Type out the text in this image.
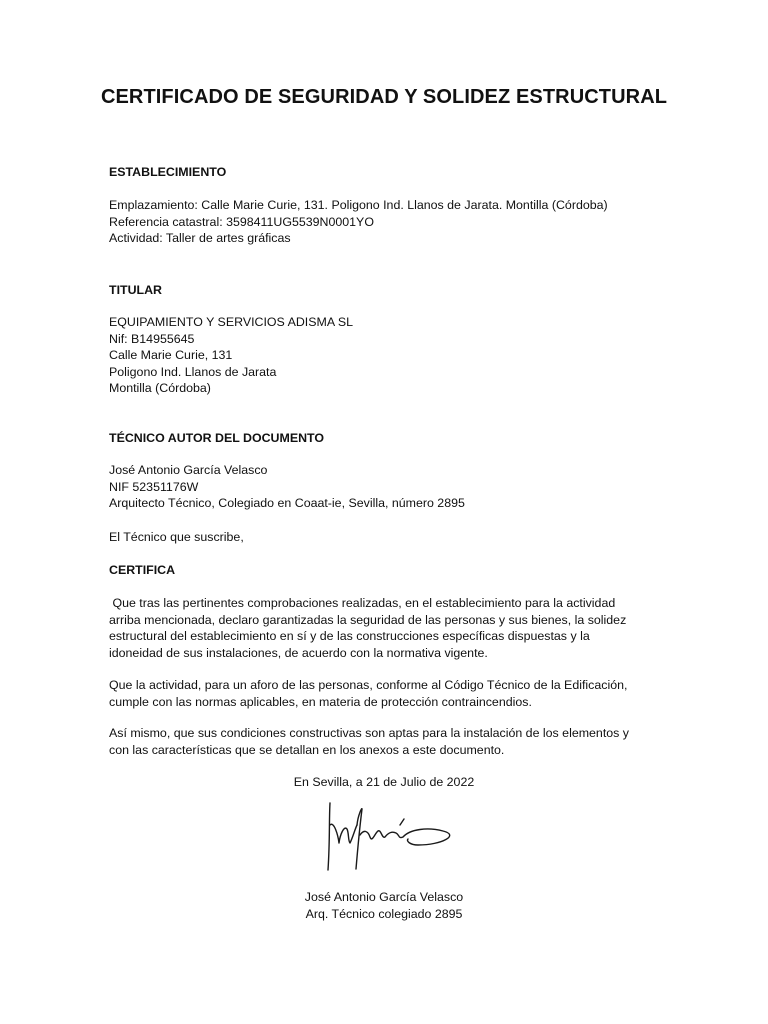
CERTIFICADO DE SEGURIDAD Y SOLIDEZ ESTRUCTURAL
ESTABLECIMIENTO
Emplazamiento: Calle Marie Curie, 131. Poligono Ind. Llanos de Jarata. Montilla (Córdoba)
Referencia catastral: 3598411UG5539N0001YO
Actividad: Taller de artes gráficas
TITULAR
EQUIPAMIENTO Y SERVICIOS ADISMA SL
Nif: B14955645
Calle Marie Curie, 131
Poligono Ind. Llanos de Jarata
Montilla (Córdoba)
TÉCNICO AUTOR DEL DOCUMENTO
José Antonio García Velasco
NIF 52351176W
Arquitecto Técnico, Colegiado en Coaat-ie, Sevilla, número 2895
El Técnico que suscribe,
CERTIFICA
Que tras las pertinentes comprobaciones realizadas, en el establecimiento para la actividad
arriba mencionada, declaro garantizadas la seguridad de las personas y sus bienes, la solidez
estructural del establecimiento en sí y de las construcciones específicas dispuestas y la
idoneidad de sus instalaciones, de acuerdo con la normativa vigente.
Que la actividad, para un aforo de las personas, conforme al Código Técnico de la Edificación,
cumple con las normas aplicables, en materia de protección contraincendios.
Así mismo, que sus condiciones constructivas son aptas para la instalación de los elementos y
con las características que se detallan en los anexos a este documento.
En Sevilla, a 21 de Julio de 2022
José Antonio García Velasco
Arq. Técnico colegiado 2895
